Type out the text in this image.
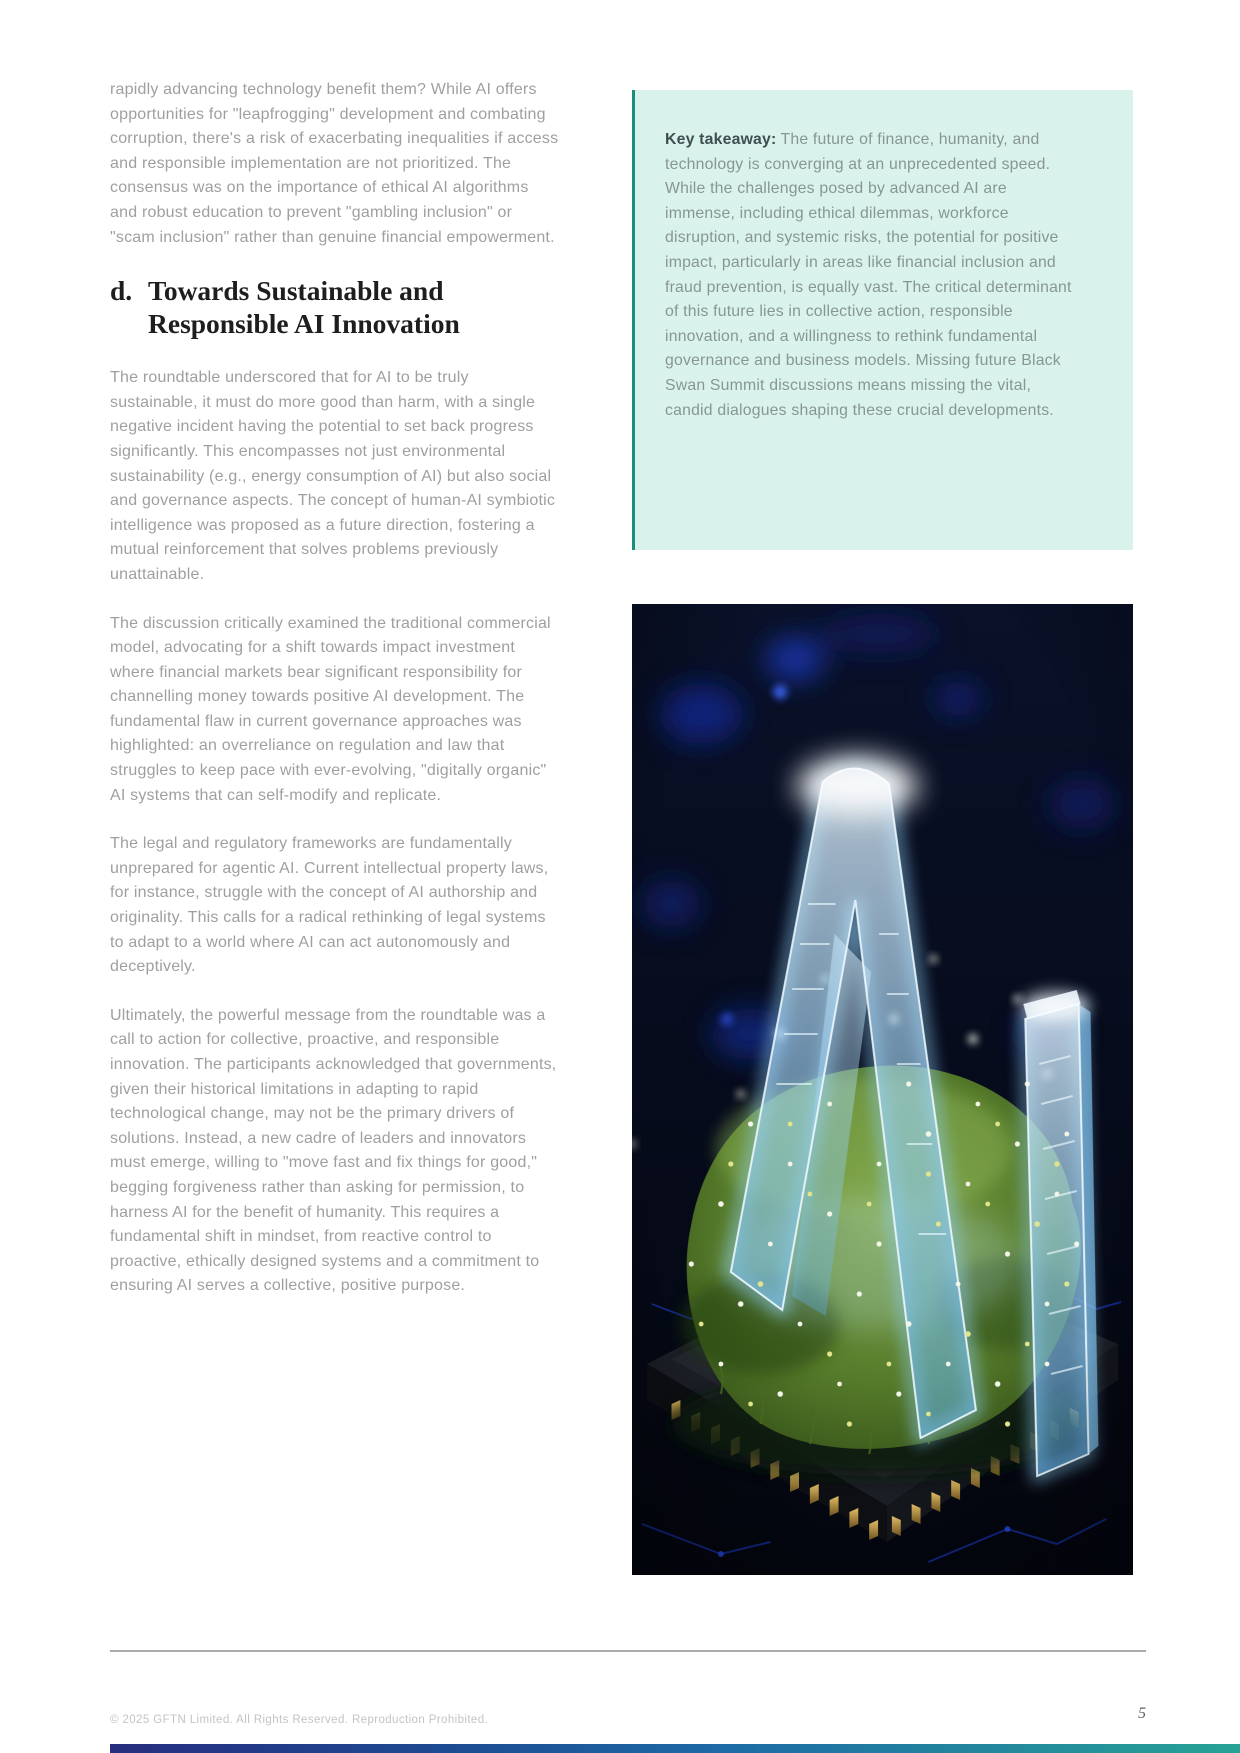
rapidly advancing technology benefit them? While AI offers opportunities for "leapfrogging" development and combating corruption, there's a risk of exacerbating inequalities if access and responsible implementation are not prioritized. The consensus was on the importance of ethical AI algorithms and robust education to prevent "gambling inclusion" or "scam inclusion" rather than genuine financial empowerment.

d. Towards Sustainable and
Responsible AI Innovation

The roundtable underscored that for AI to be truly sustainable, it must do more good than harm, with a single negative incident having the potential to set back progress significantly. This encompasses not just environmental sustainability (e.g., energy consumption of AI) but also social and governance aspects. The concept of human-AI symbiotic intelligence was proposed as a future direction, fostering a mutual reinforcement that solves problems previously unattainable.

The discussion critically examined the traditional commercial model, advocating for a shift towards impact investment where financial markets bear significant responsibility for channelling money towards positive AI development. The fundamental flaw in current governance approaches was highlighted: an overreliance on regulation and law that struggles to keep pace with ever-evolving, "digitally organic" AI systems that can self-modify and replicate.

The legal and regulatory frameworks are fundamentally unprepared for agentic AI. Current intellectual property laws, for instance, struggle with the concept of AI authorship and originality. This calls for a radical rethinking of legal systems to adapt to a world where AI can act autonomously and deceptively.

Ultimately, the powerful message from the roundtable was a call to action for collective, proactive, and responsible innovation. The participants acknowledged that governments, given their historical limitations in adapting to rapid technological change, may not be the primary drivers of solutions. Instead, a new cadre of leaders and innovators must emerge, willing to "move fast and fix things for good," begging forgiveness rather than asking for permission, to harness AI for the benefit of humanity. This requires a fundamental shift in mindset, from reactive control to proactive, ethically designed systems and a commitment to ensuring AI serves a collective, positive purpose.

Key takeaway: The future of finance, humanity, and technology is converging at an unprecedented speed. While the challenges posed by advanced AI are immense, including ethical dilemmas, workforce disruption, and systemic risks, the potential for positive impact, particularly in areas like financial inclusion and fraud prevention, is equally vast. The critical determinant of this future lies in collective action, responsible innovation, and a willingness to rethink fundamental governance and business models. Missing future Black Swan Summit discussions means missing the vital, candid dialogues shaping these crucial developments.
© 2025 GFTN Limited. All Rights Reserved. Reproduction Prohibited.	5
